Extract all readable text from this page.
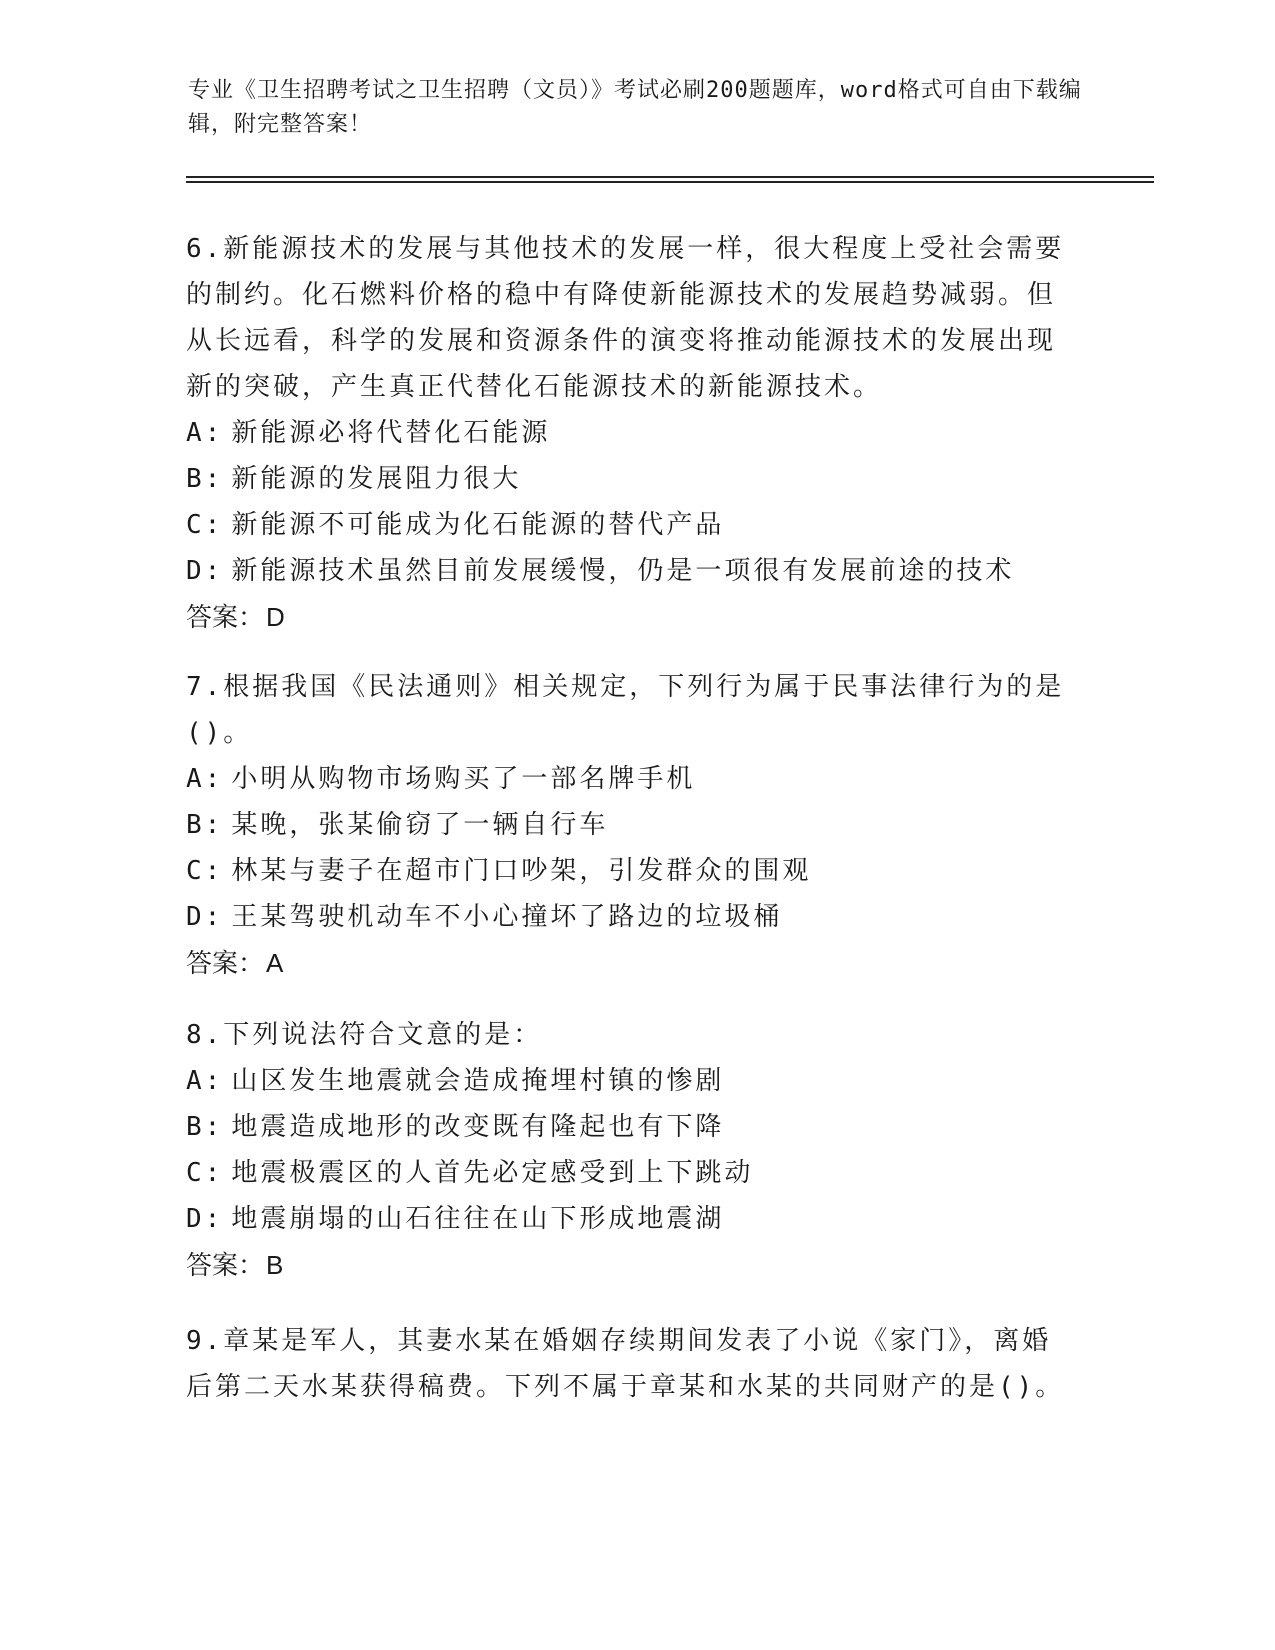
专业《卫生招聘考试之卫生招聘（文员）》考试必刷200题题库，word格式可自由下载编辑，附完整答案！
6.新能源技术的发展与其他技术的发展一样，很大程度上受社会需要的制约。化石燃料价格的稳中有降使新能源技术的发展趋势减弱。但从长远看，科学的发展和资源条件的演变将推动能源技术的发展出现新的突破，产生真正代替化石能源技术的新能源技术。
A: 新能源必将代替化石能源
B: 新能源的发展阻力很大
C: 新能源不可能成为化石能源的替代产品
D: 新能源技术虽然目前发展缓慢，仍是一项很有发展前途的技术
答案：D
7.根据我国《民法通则》相关规定，下列行为属于民事法律行为的是()。
A: 小明从购物市场购买了一部名牌手机
B: 某晚，张某偷窃了一辆自行车
C: 林某与妻子在超市门口吵架，引发群众的围观
D: 王某驾驶机动车不小心撞坏了路边的垃圾桶
答案：A
8.下列说法符合文意的是：
A: 山区发生地震就会造成掩埋村镇的惨剧
B: 地震造成地形的改变既有隆起也有下降
C: 地震极震区的人首先必定感受到上下跳动
D: 地震崩塌的山石往往在山下形成地震湖
答案：B
9.章某是军人，其妻水某在婚姻存续期间发表了小说《家门》，离婚后第二天水某获得稿费。下列不属于章某和水某的共同财产的是()。
